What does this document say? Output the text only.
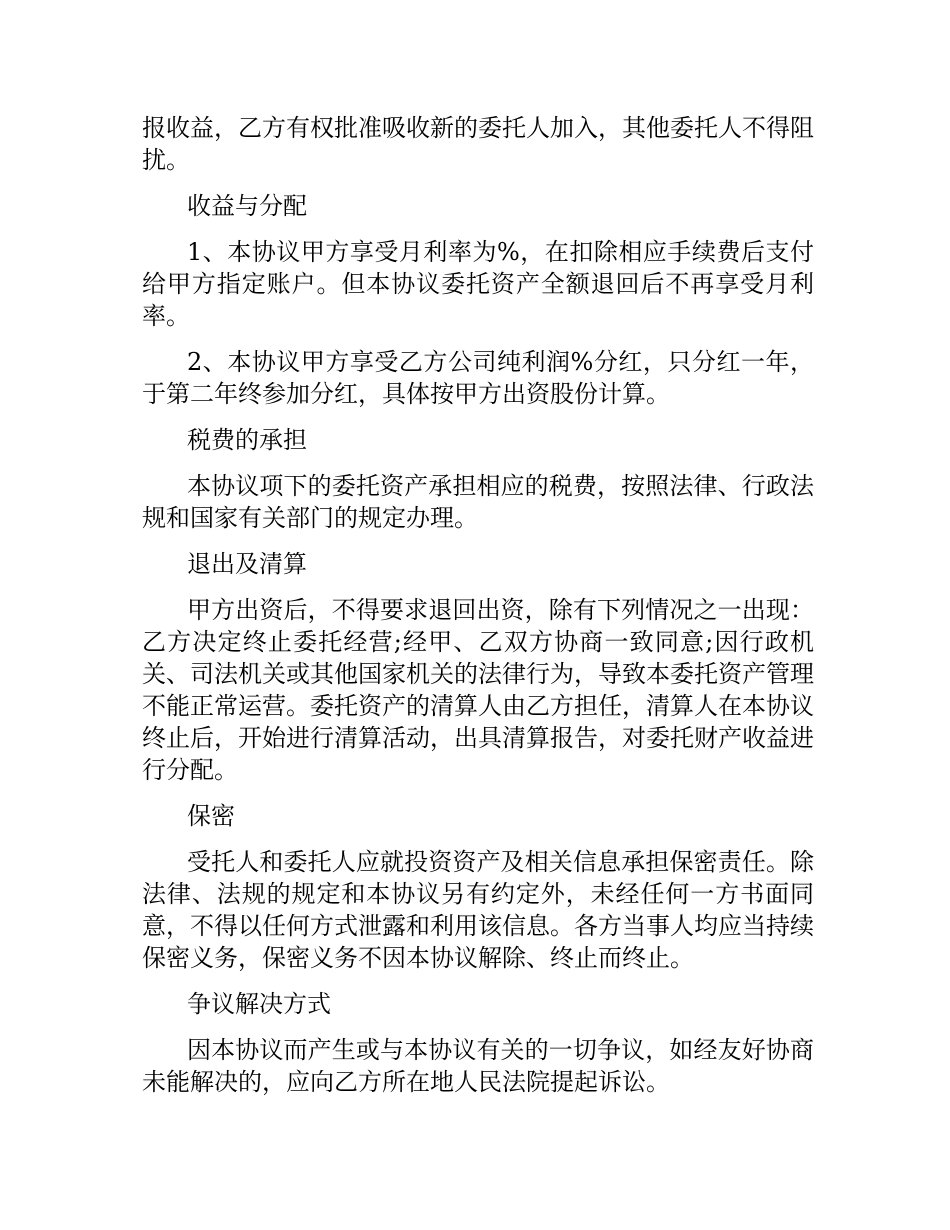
报收益，乙方有权批准吸收新的委托人加入，其他委托人不得阻扰。

收益与分配

1、本协议甲方享受月利率为%，在扣除相应手续费后支付给甲方指定账户。但本协议委托资产全额退回后不再享受月利率。

2、本协议甲方享受乙方公司纯利润%分红，只分红一年，于第二年终参加分红，具体按甲方出资股份计算。

税费的承担

本协议项下的委托资产承担相应的税费，按照法律、行政法规和国家有关部门的规定办理。

退出及清算

甲方出资后，不得要求退回出资，除有下列情况之一出现：乙方决定终止委托经营;经甲、乙双方协商一致同意;因行政机关、司法机关或其他国家机关的法律行为，导致本委托资产管理不能正常运营。委托资产的清算人由乙方担任，清算人在本协议终止后，开始进行清算活动，出具清算报告，对委托财产收益进行分配。

保密

受托人和委托人应就投资资产及相关信息承担保密责任。除法律、法规的规定和本协议另有约定外，未经任何一方书面同意，不得以任何方式泄露和利用该信息。各方当事人均应当持续保密义务，保密义务不因本协议解除、终止而终止。

争议解决方式

因本协议而产生或与本协议有关的一切争议，如经友好协商未能解决的，应向乙方所在地人民法院提起诉讼。
